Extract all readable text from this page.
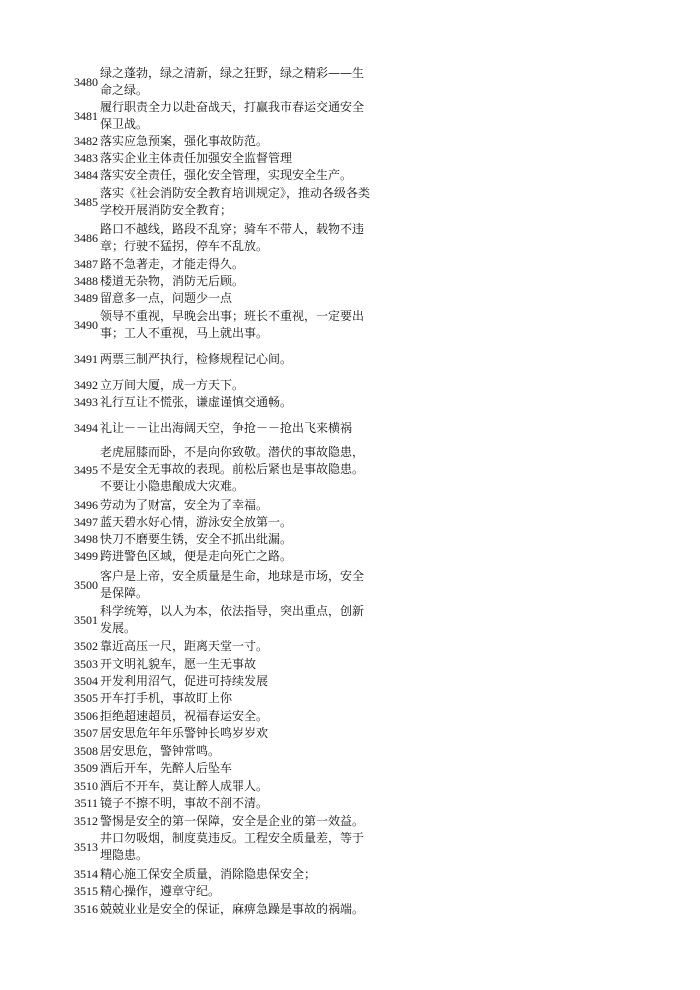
3480
绿之蓬勃，绿之清新，绿之狂野，绿之精彩——生命之绿。
3481
履行职责全力以赴奋战天，打赢我市春运交通安全保卫战。
3482 落实应急预案，强化事故防范。
3483 落实企业主体责任加强安全监督管理
3484 落实安全责任，强化安全管理，实现安全生产。
3485
落实《社会消防安全教育培训规定》，推动各级各类学校开展消防安全教育；
3486
路口不越线，路段不乱穿；骑车不带人，载物不违章；行驶不猛拐，停车不乱放。
3487 路不急著走，才能走得久。
3488 楼道无杂物，消防无后顾。
3489 留意多一点，问题少一点
3490
领导不重视，早晚会出事；班长不重视，一定要出事；工人不重视，马上就出事。
3491 两票三制严执行，检修规程记心间。
3492 立万间大厦，成一方天下。
3493 礼行互让不慌张，谦虚谨慎交通畅。
3494 礼让－－让出海阔天空，争抢－－抢出飞来横祸
3495
老虎屈膝而卧，不是向你致敬。潜伏的事故隐患，不是安全无事故的表现。前松后紧也是事故隐患。不要让小隐患酿成大灾难。
3496 劳动为了财富，安全为了幸福。
3497 蓝天碧水好心情，游泳安全放第一。
3498 快刀不磨要生锈，安全不抓出纰漏。
3499 跨进警色区域，便是走向死亡之路。
3500
客户是上帝，安全质量是生命，地球是市场，安全是保障。
3501
科学统筹，以人为本，依法指导，突出重点，创新发展。
3502 靠近高压一尺，距离天堂一寸。
3503 开文明礼貌车，愿一生无事故
3504 开发利用沼气，促进可持续发展
3505 开车打手机，事故盯上你
3506 拒绝超速超员，祝福春运安全。
3507 居安思危年年乐警钟长鸣岁岁欢
3508 居安思危，警钟常鸣。
3509 酒后开车，先醉人后坠车
3510 酒后不开车，莫让醉人成罪人。
3511 镜子不擦不明，事故不剖不清。
3512 警惕是安全的第一保障，安全是企业的第一效益。
3513
井口勿吸烟，制度莫违反。工程安全质量差，等于埋隐患。
3514 精心施工保安全质量，消除隐患保安全；
3515 精心操作，遵章守纪。
3516 兢兢业业是安全的保证，麻痹急躁是事故的祸端。
